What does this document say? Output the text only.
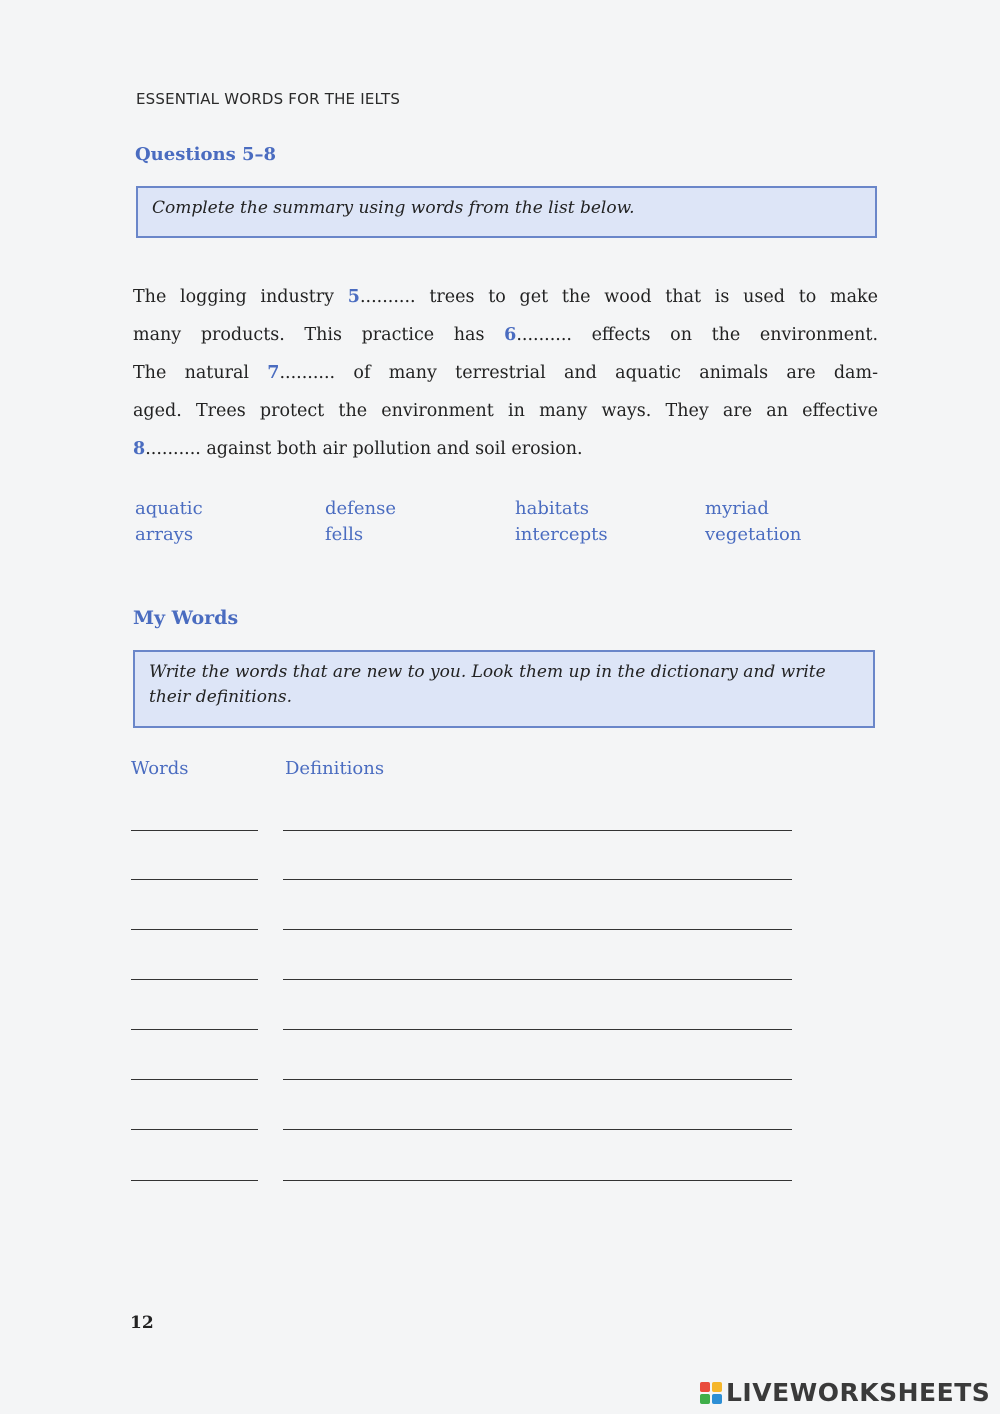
ESSENTIAL WORDS FOR THE IELTS
Questions 5–8
Complete the summary using words from the list below.
The logging industry 5.......... trees to get the wood that is used to make
many products. This practice has 6.......... effects on the environment.
The natural 7.......... of many terrestrial and aquatic animals are dam-
aged. Trees protect the environment in many ways. They are an effective
8.......... against both air pollution and soil erosion.
aquatic	defense	habitats	myriad
arrays	fells	intercepts	vegetation
My Words
Write the words that are new to you. Look them up in the dictionary and write their definitions.
Words	Definitions
12
LIVEWORKSHEETS
